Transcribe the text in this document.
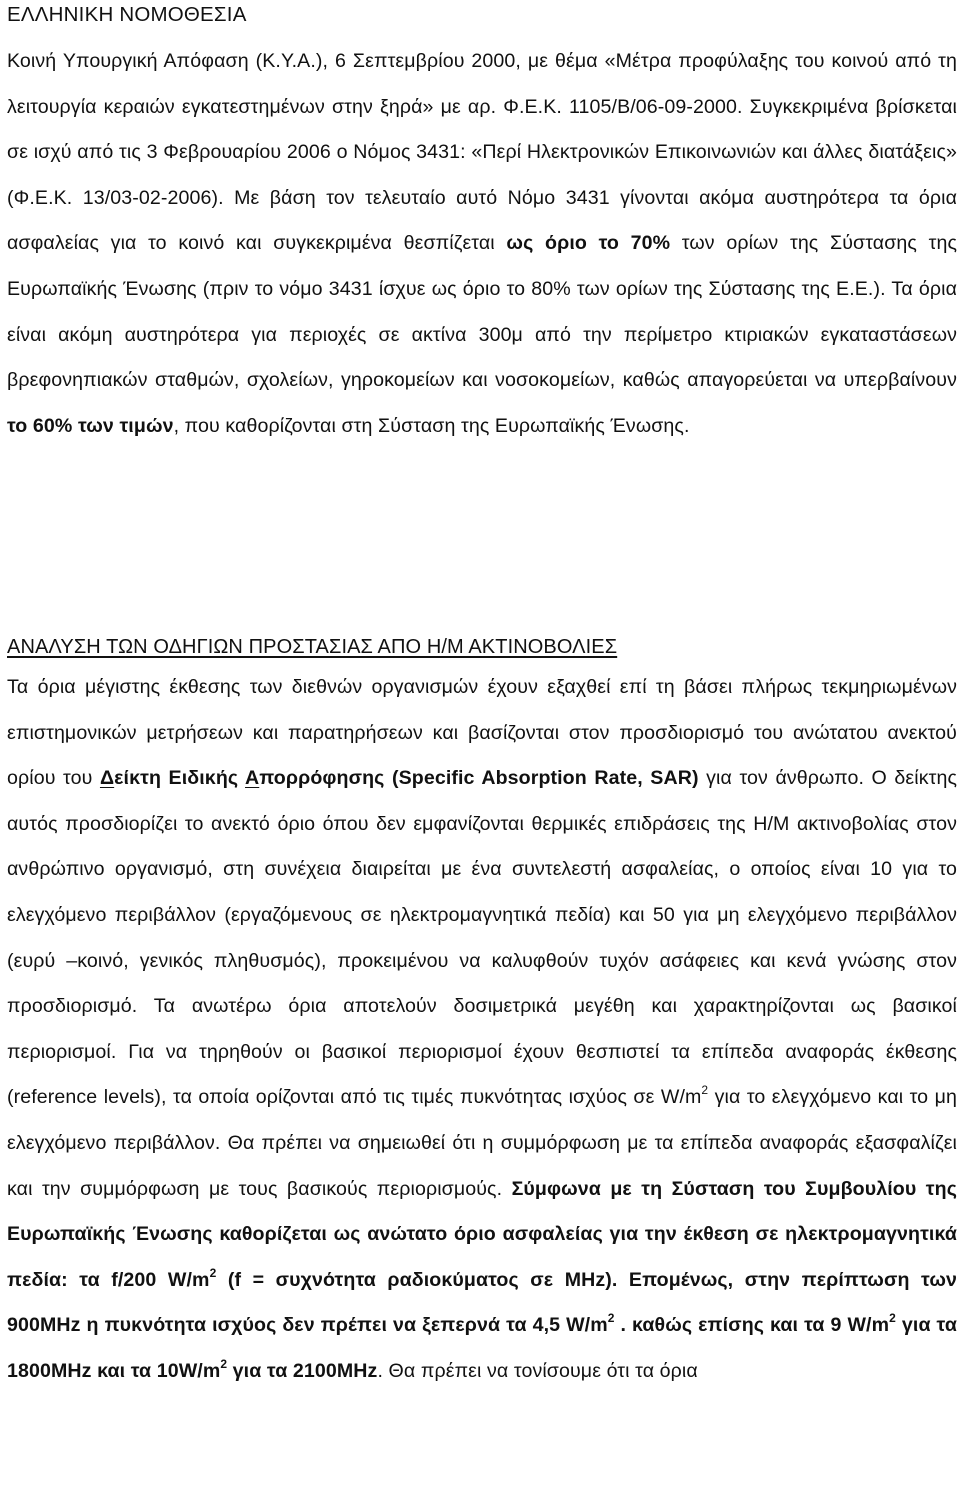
ΕΛΛΗΝΙΚΗ ΝΟΜΟΘΕΣΙΑ

Κοινή Υπουργική Απόφαση (Κ.Υ.Α.), 6 Σεπτεμβρίου 2000, με θέμα «Μέτρα προφύλαξης του κοινού από τη λειτουργία κεραιών εγκατεστημένων στην ξηρά» με αρ. Φ.Ε.Κ. 1105/Β/06-09-2000. Συγκεκριμένα βρίσκεται σε ισχύ από τις 3 Φεβρουαρίου 2006 ο Νόμος 3431: «Περί Ηλεκτρονικών Επικοινωνιών και άλλες διατάξεις» (Φ.Ε.Κ. 13/03-02-2006). Με βάση τον τελευταίο αυτό Νόμο 3431 γίνονται ακόμα αυστηρότερα τα όρια ασφαλείας για το κοινό και συγκεκριμένα θεσπίζεται ως όριο το 70% των ορίων της Σύστασης της Ευρωπαϊκής Ένωσης (πριν το νόμο 3431 ίσχυε ως όριο το 80% των ορίων της Σύστασης της Ε.Ε.). Τα όρια είναι ακόμη αυστηρότερα για περιοχές σε ακτίνα 300μ από την περίμετρο κτιριακών εγκαταστάσεων βρεφονηπιακών σταθμών, σχολείων, γηροκομείων και νοσοκομείων, καθώς απαγορεύεται να υπερβαίνουν το 60% των τιμών, που καθορίζονται στη Σύσταση της Ευρωπαϊκής Ένωσης.

ΑΝΑΛΥΣΗ ΤΩΝ ΟΔΗΓΙΩΝ ΠΡΟΣΤΑΣΙΑΣ ΑΠΟ Η/Μ ΑΚΤΙΝΟΒΟΛΙΕΣ

Τα όρια μέγιστης έκθεσης των διεθνών οργανισμών έχουν εξαχθεί επί τη βάσει πλήρως τεκμηριωμένων επιστημονικών μετρήσεων και παρατηρήσεων και βασίζονται στον προσδιορισμό του ανώτατου ανεκτού ορίου του Δείκτη Ειδικής Απορρόφησης (Specific Absorption Rate, SAR) για τον άνθρωπο. Ο δείκτης αυτός προσδιορίζει το ανεκτό όριο όπου δεν εμφανίζονται θερμικές επιδράσεις της Η/Μ ακτινοβολίας στον ανθρώπινο οργανισμό, στη συνέχεια διαιρείται με ένα συντελεστή ασφαλείας, ο οποίος είναι 10 για το ελεγχόμενο περιβάλλον (εργαζόμενους σε ηλεκτρομαγνητικά πεδία) και 50 για μη ελεγχόμενο περιβάλλον (ευρύ –κοινό, γενικός πληθυσμός), προκειμένου να καλυφθούν τυχόν ασάφειες και κενά γνώσης στον προσδιορισμό. Τα ανωτέρω όρια αποτελούν δοσιμετρικά μεγέθη και χαρακτηρίζονται ως βασικοί περιορισμοί. Για να τηρηθούν οι βασικοί περιορισμοί έχουν θεσπιστεί τα επίπεδα αναφοράς έκθεσης (reference levels), τα οποία ορίζονται από τις τιμές πυκνότητας ισχύος σε $W/m^2$ για το ελεγχόμενο και το μη ελεγχόμενο περιβάλλον. Θα πρέπει να σημειωθεί ότι η συμμόρφωση με τα επίπεδα αναφοράς εξασφαλίζει και την συμμόρφωση με τους βασικούς περιορισμούς. Σύμφωνα με τη Σύσταση του Συμβουλίου της Ευρωπαϊκής Ένωσης καθορίζεται ως ανώτατο όριο ασφαλείας για την έκθεση σε ηλεκτρομαγνητικά πεδία: τα f/200 $W/m^2$ (f = συχνότητα ραδιοκύματος σε MHz). Επομένως, στην περίπτωση των 900MHz η πυκνότητα ισχύος δεν πρέπει να ξεπερνά τα 4,5 $W/m^2$ . καθώς επίσης και τα 9 $W/m^2$ για τα 1800MHz και τα $10W/m^2$ για τα 2100MHz. Θα πρέπει να τονίσουμε ότι τα όρια
